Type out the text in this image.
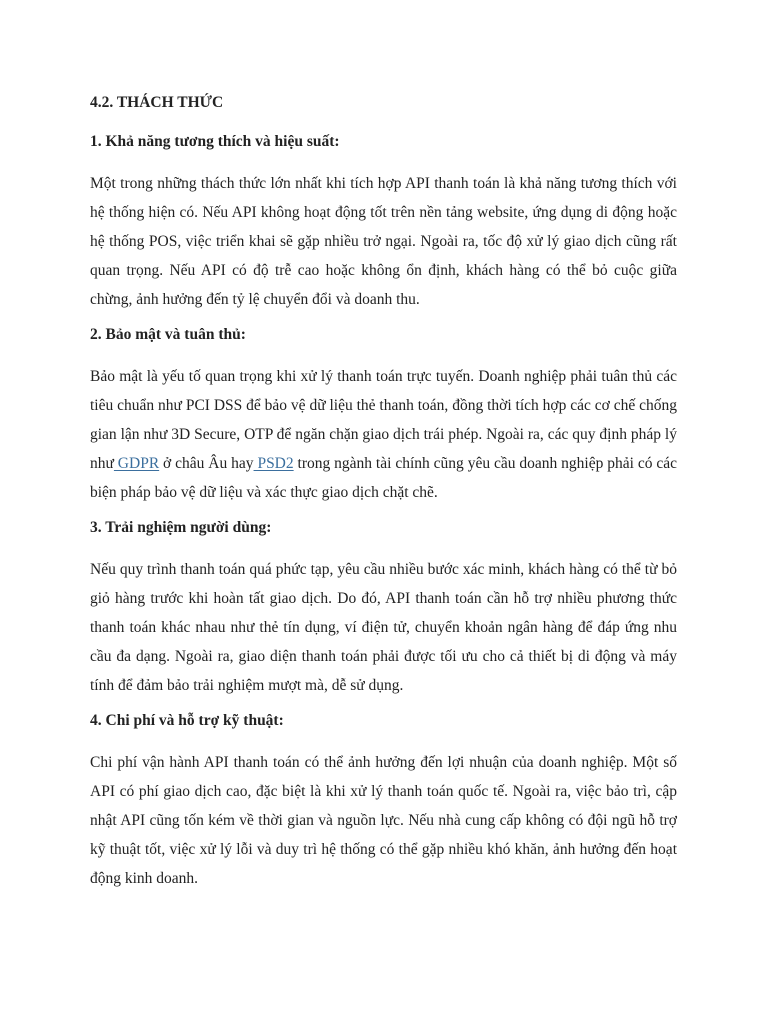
4.2. THÁCH THỨC
1. Khả năng tương thích và hiệu suất:
Một trong những thách thức lớn nhất khi tích hợp API thanh toán là khả năng tương thích với hệ thống hiện có. Nếu API không hoạt động tốt trên nền tảng website, ứng dụng di động hoặc hệ thống POS, việc triển khai sẽ gặp nhiều trở ngại. Ngoài ra, tốc độ xử lý giao dịch cũng rất quan trọng. Nếu API có độ trễ cao hoặc không ổn định, khách hàng có thể bỏ cuộc giữa chừng, ảnh hưởng đến tỷ lệ chuyển đổi và doanh thu.
2. Bảo mật và tuân thủ:
Bảo mật là yếu tố quan trọng khi xử lý thanh toán trực tuyến. Doanh nghiệp phải tuân thủ các tiêu chuẩn như PCI DSS để bảo vệ dữ liệu thẻ thanh toán, đồng thời tích hợp các cơ chế chống gian lận như 3D Secure, OTP để ngăn chặn giao dịch trái phép. Ngoài ra, các quy định pháp lý như GDPR ở châu Âu hay PSD2 trong ngành tài chính cũng yêu cầu doanh nghiệp phải có các biện pháp bảo vệ dữ liệu và xác thực giao dịch chặt chẽ.
3. Trải nghiệm người dùng:
Nếu quy trình thanh toán quá phức tạp, yêu cầu nhiều bước xác minh, khách hàng có thể từ bỏ giỏ hàng trước khi hoàn tất giao dịch. Do đó, API thanh toán cần hỗ trợ nhiều phương thức thanh toán khác nhau như thẻ tín dụng, ví điện tử, chuyển khoản ngân hàng để đáp ứng nhu cầu đa dạng. Ngoài ra, giao diện thanh toán phải được tối ưu cho cả thiết bị di động và máy tính để đảm bảo trải nghiệm mượt mà, dễ sử dụng.
4. Chi phí và hỗ trợ kỹ thuật:
Chi phí vận hành API thanh toán có thể ảnh hưởng đến lợi nhuận của doanh nghiệp. Một số API có phí giao dịch cao, đặc biệt là khi xử lý thanh toán quốc tế. Ngoài ra, việc bảo trì, cập nhật API cũng tốn kém về thời gian và nguồn lực. Nếu nhà cung cấp không có đội ngũ hỗ trợ kỹ thuật tốt, việc xử lý lỗi và duy trì hệ thống có thể gặp nhiều khó khăn, ảnh hưởng đến hoạt động kinh doanh.
